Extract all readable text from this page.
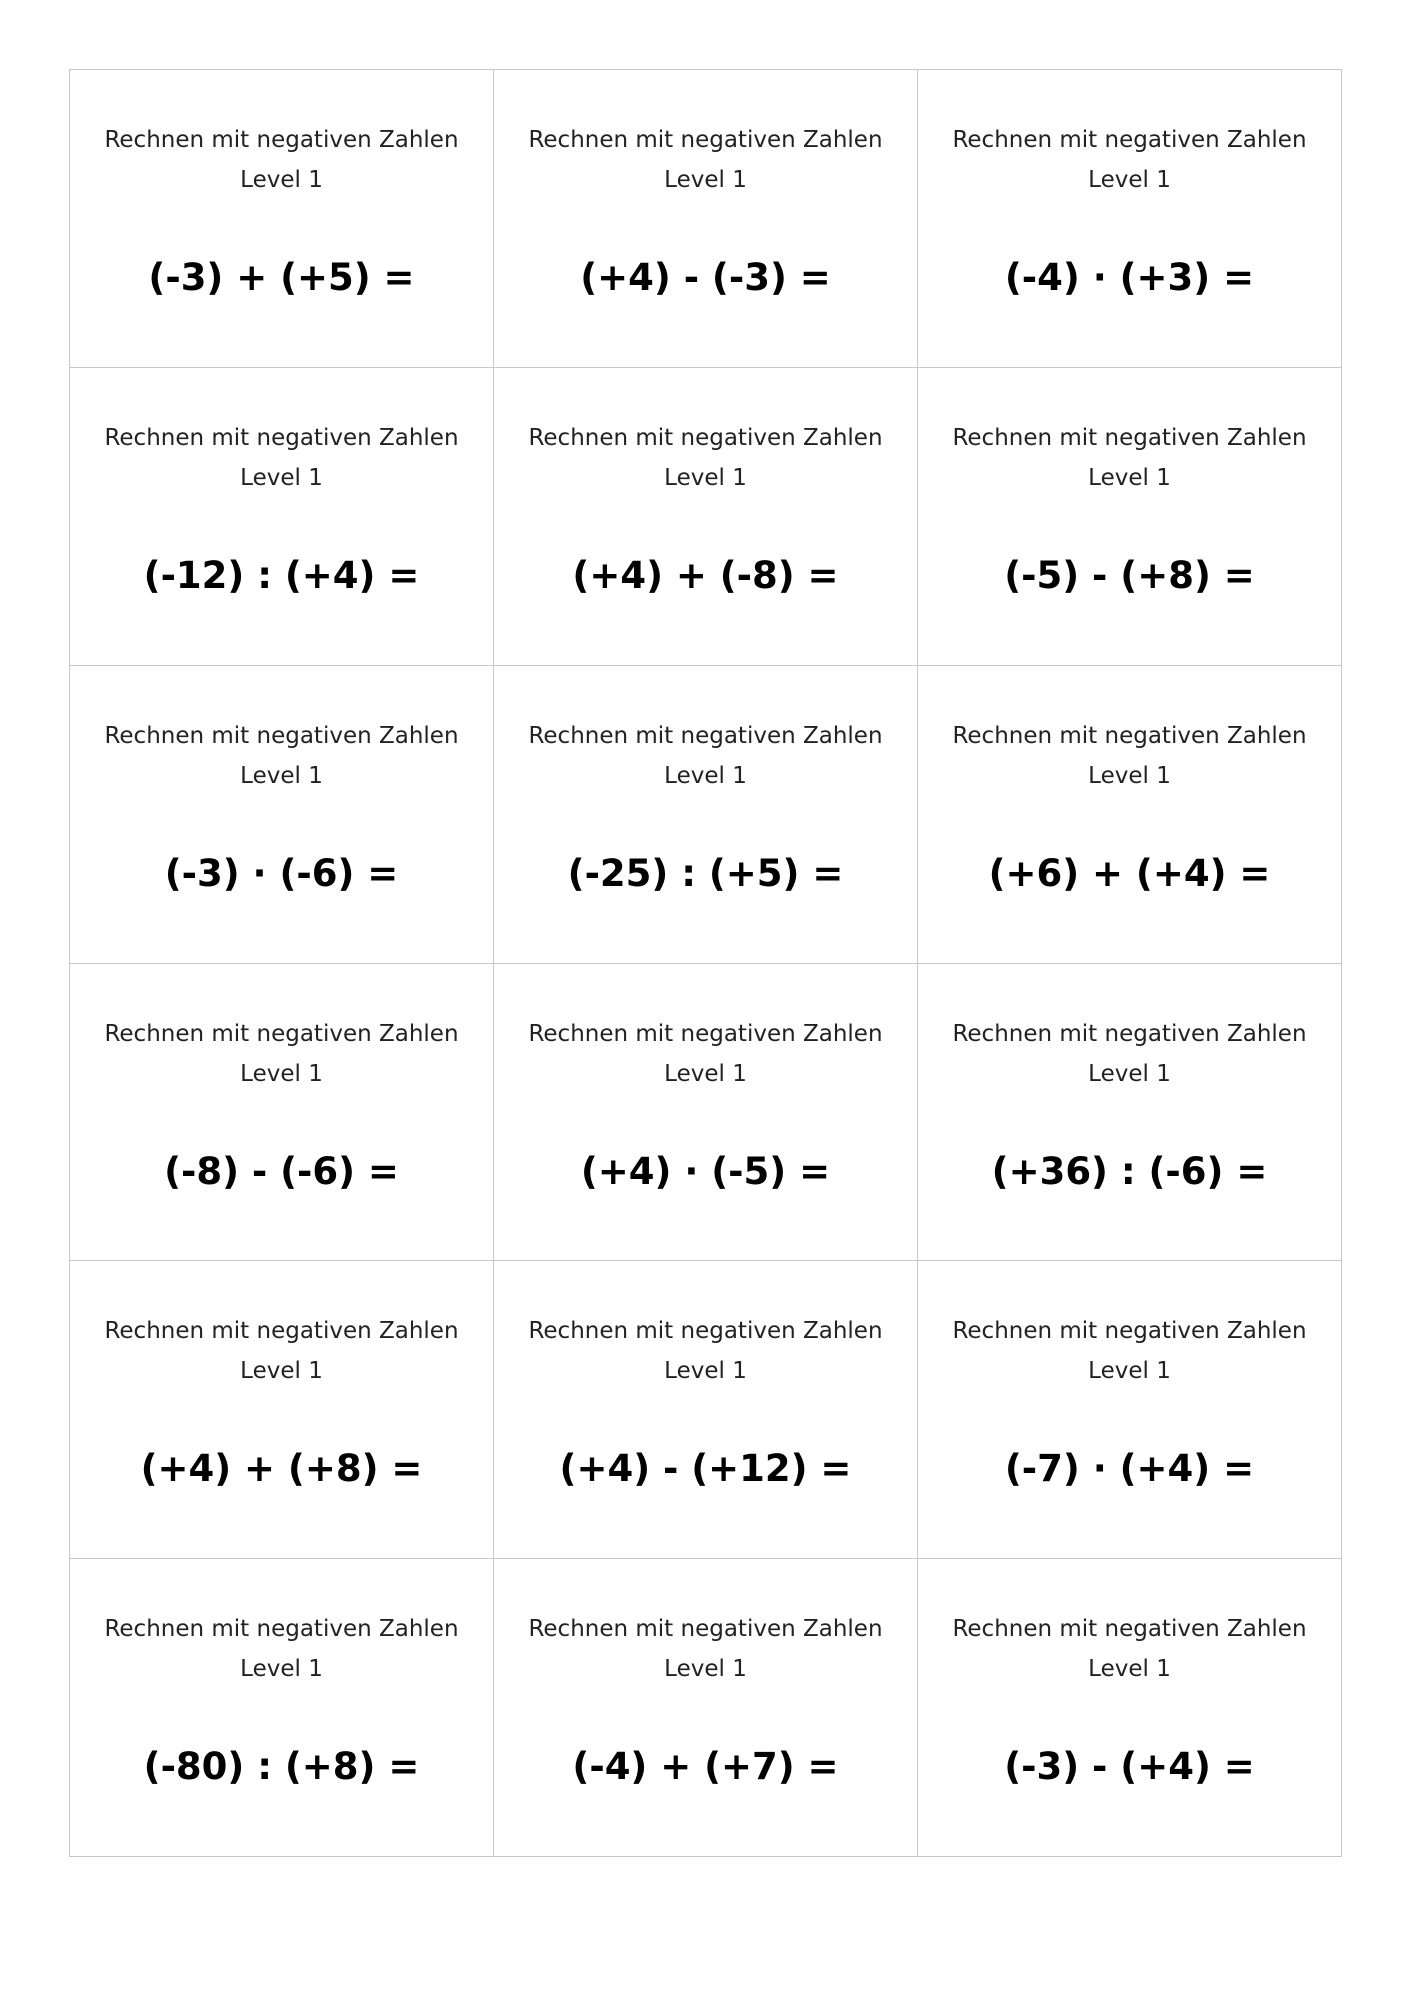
Rechnen mit negativen Zahlen
Level 1
(-3) + (+5) =
Rechnen mit negativen Zahlen
Level 1
(+4) - (-3) =
Rechnen mit negativen Zahlen
Level 1
(-4) · (+3) =
Rechnen mit negativen Zahlen
Level 1
(-12) : (+4) =
Rechnen mit negativen Zahlen
Level 1
(+4) + (-8) =
Rechnen mit negativen Zahlen
Level 1
(-5) - (+8) =
Rechnen mit negativen Zahlen
Level 1
(-3) · (-6) =
Rechnen mit negativen Zahlen
Level 1
(-25) : (+5) =
Rechnen mit negativen Zahlen
Level 1
(+6) + (+4) =
Rechnen mit negativen Zahlen
Level 1
(-8) - (-6) =
Rechnen mit negativen Zahlen
Level 1
(+4) · (-5) =
Rechnen mit negativen Zahlen
Level 1
(+36) : (-6) =
Rechnen mit negativen Zahlen
Level 1
(+4) + (+8) =
Rechnen mit negativen Zahlen
Level 1
(+4) - (+12) =
Rechnen mit negativen Zahlen
Level 1
(-7) · (+4) =
Rechnen mit negativen Zahlen
Level 1
(-80) : (+8) =
Rechnen mit negativen Zahlen
Level 1
(-4) + (+7) =
Rechnen mit negativen Zahlen
Level 1
(-3) - (+4) =
